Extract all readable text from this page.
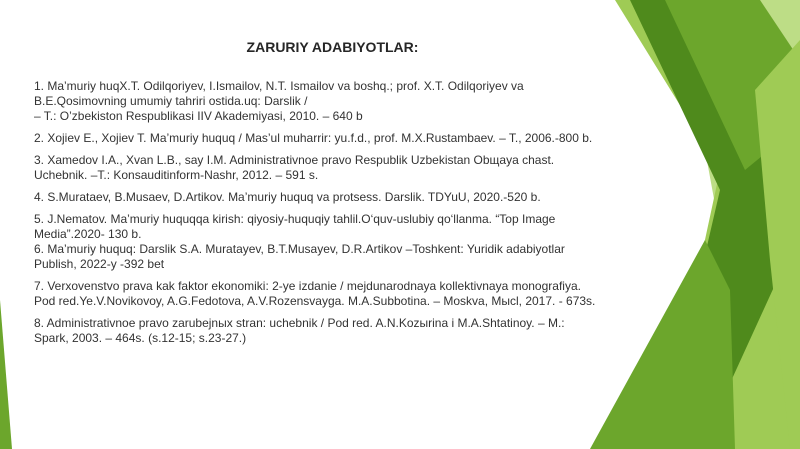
ZARURIY ADABIYOTLAR:
1. Ma’muriy huqX.T. Odilqoriyev, I.Ismailov, N.T. Ismailov va boshq.; prof. X.T. Odilqoriyev va
B.E.Qosimovning umumiy tahriri ostida.uq: Darslik /
– T.: O’zbekiston Respublikasi IIV Akademiyasi, 2010. – 640 b
2. Xojiev E., Xojiev T. Ma’muriy huquq / Mas’ul muharrir: yu.f.d., prof. M.X.Rustambaev. – T., 2006.-800 b.
3. Xamedov I.A., Xvan L.B., say I.M. Administrativnoe pravo Respublik Uzbekistan Obщaya chast.
Uchebnik. –T.: Konsauditinform-Nashr, 2012. – 591 s.
4. S.Murataev, B.Musaev, D.Artikov. Ma’muriy huquq va protsess. Darslik. TDYuU, 2020.-520 b.
5. J.Nematov. Ma’muriy huquqqa kirish: qiyosiy-huquqiy tahlil.O‘quv-uslubiy qo‘llanma. “Top Image
Media”.2020- 130 b.
6. Ma’muriy huquq: Darslik S.A. Muratayev, B.T.Musayev, D.R.Artikov –Toshkent: Yuridik adabiyotlar
Publish, 2022-y -392 bet
7. Verxovenstvo prava kak faktor ekonomiki: 2-ye izdanie / mejdunarodnaya kollektivnaya monografiya.
Pod red.Ye.V.Novikovoy, A.G.Fedotova, A.V.Rozensvayga. M.A.Subbotina. – Moskva, Mысl, 2017. - 673s.
8. Administrativnoe pravo zarubejnых stran: uchebnik / Pod red. A.N.Kozыrina i M.A.Shtatinoy. – M.:
Spark, 2003. – 464s. (s.12-15; s.23-27.)
